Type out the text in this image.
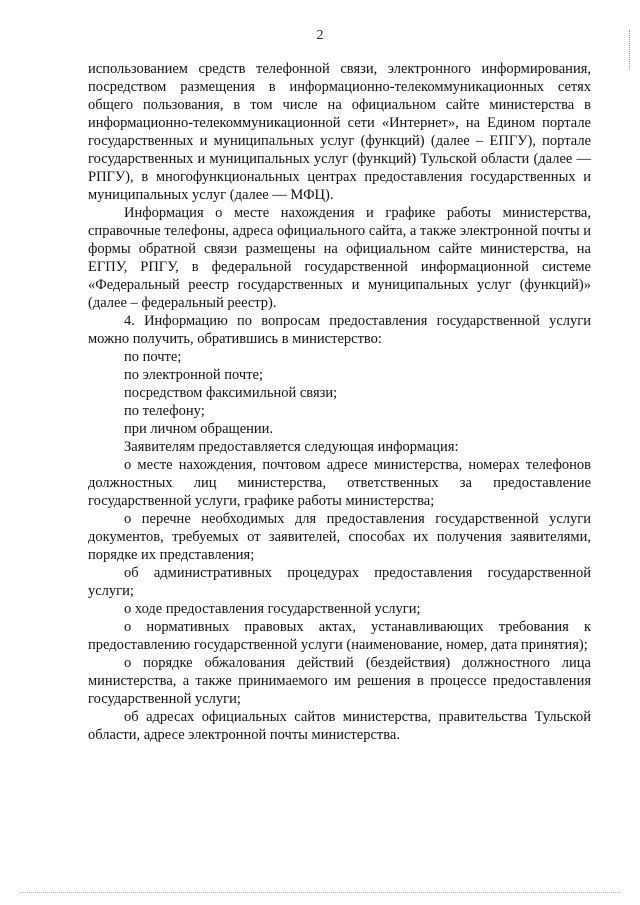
2

использованием средств телефонной связи, электронного информирования, посредством размещения в информационно-телекоммуникационных сетях общего пользования, в том числе на официальном сайте министерства в информационно-телекоммуникационной сети «Интернет», на Едином портале государственных и муниципальных услуг (функций) (далее – ЕПГУ), портале государственных и муниципальных услуг (функций) Тульской области (далее — РПГУ), в многофункциональных центрах предоставления государственных и муниципальных услуг (далее — МФЦ).

Информация о месте нахождения и графике работы министерства, справочные телефоны, адреса официального сайта, а также электронной почты и формы обратной связи размещены на официальном сайте министерства, на ЕГПУ, РПГУ, в федеральной государственной информационной системе «Федеральный реестр государственных и муниципальных услуг (функций)» (далее – федеральный реестр).

4. Информацию по вопросам предоставления государственной услуги можно получить, обратившись в министерство:

по почте;

по электронной почте;

посредством факсимильной связи;

по телефону;

при личном обращении.

Заявителям предоставляется следующая информация:

о месте нахождения, почтовом адресе министерства, номерах телефонов должностных лиц министерства, ответственных за предоставление государственной услуги, графике работы министерства;

о перечне необходимых для предоставления государственной услуги документов, требуемых от заявителей, способах их получения заявителями, порядке их представления;

об административных процедурах предоставления государственной услуги;

о ходе предоставления государственной услуги;

о нормативных правовых актах, устанавливающих требования к предоставлению государственной услуги (наименование, номер, дата принятия);

о порядке обжалования действий (бездействия) должностного лица министерства, а также принимаемого им решения в процессе предоставления государственной услуги;

об адресах официальных сайтов министерства, правительства Тульской области, адресе электронной почты министерства.
